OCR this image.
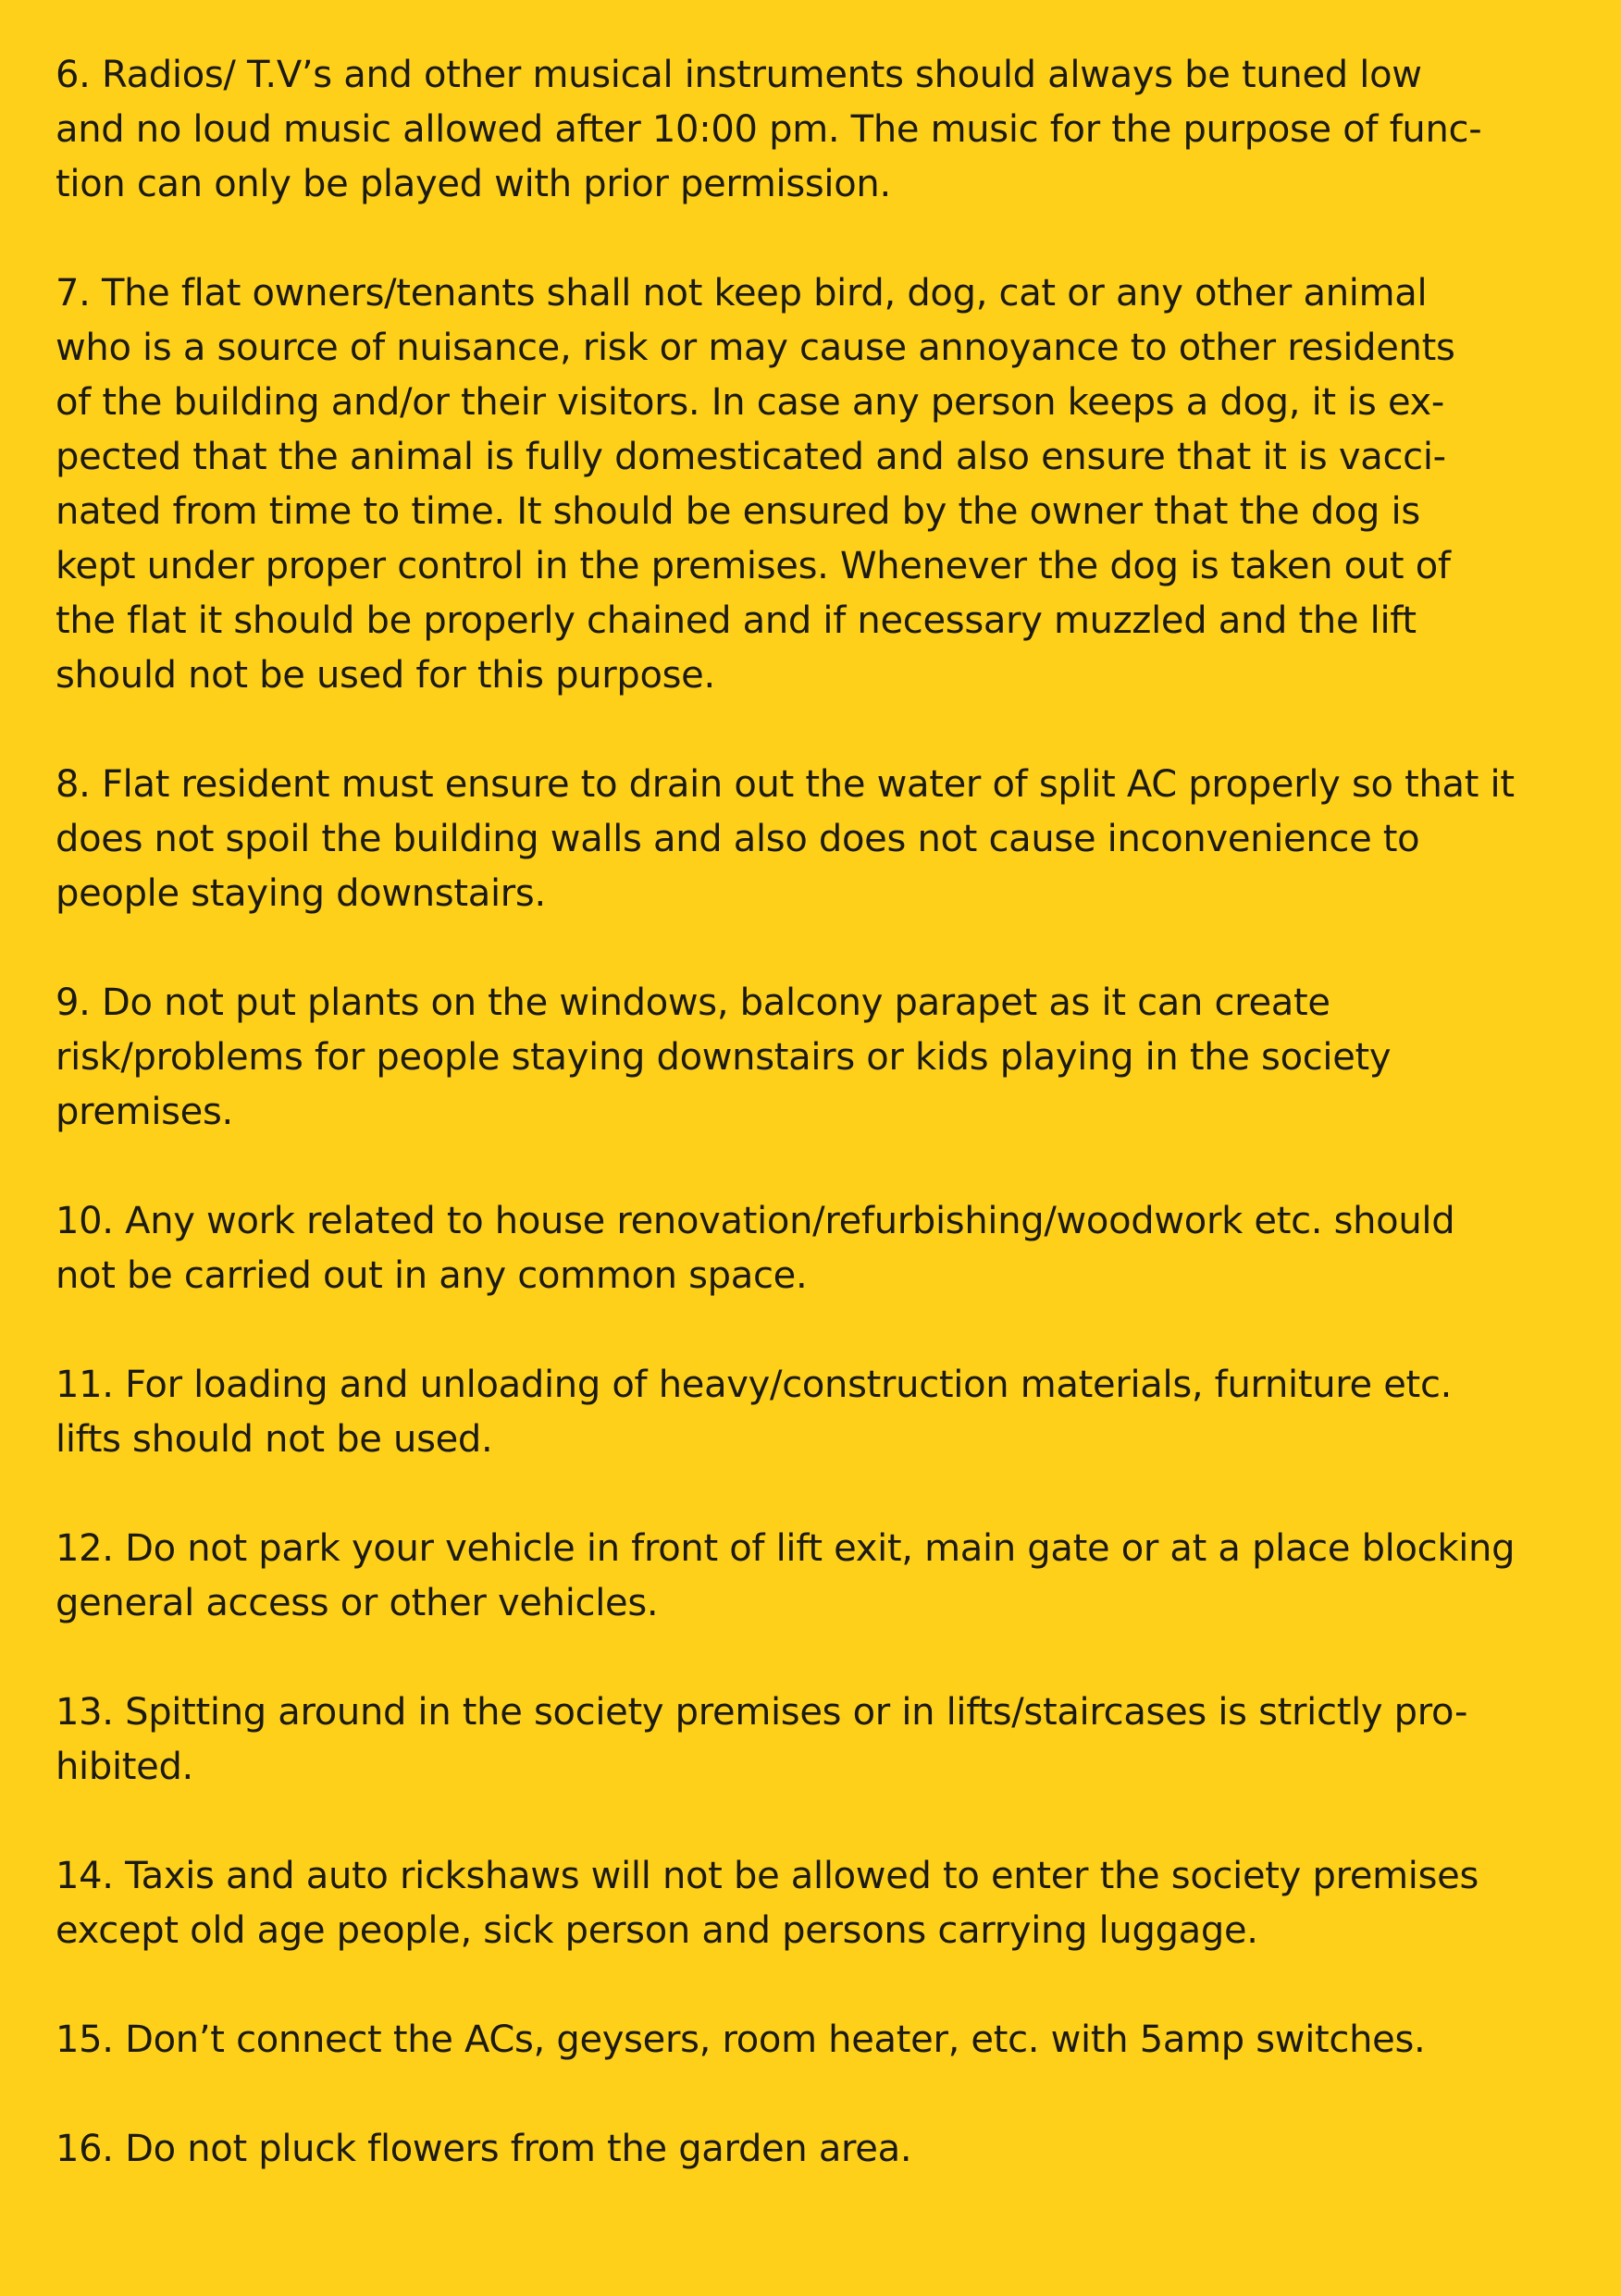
6. Radios/ T.V’s and other musical instruments should always be tuned low
and no loud music allowed after 10:00 pm. The music for the purpose of func-
tion can only be played with prior permission.
7. The flat owners/tenants shall not keep bird, dog, cat or any other animal
who is a source of nuisance, risk or may cause annoyance to other residents
of the building and/or their visitors. In case any person keeps a dog, it is ex-
pected that the animal is fully domesticated and also ensure that it is vacci-
nated from time to time. It should be ensured by the owner that the dog is
kept under proper control in the premises. Whenever the dog is taken out of
the flat it should be properly chained and if necessary muzzled and the lift
should not be used for this purpose.
8. Flat resident must ensure to drain out the water of split AC properly so that it
does not spoil the building walls and also does not cause inconvenience to
people staying downstairs.
9. Do not put plants on the windows, balcony parapet as it can create
risk/problems for people staying downstairs or kids playing in the society
premises.
10. Any work related to house renovation/refurbishing/woodwork etc. should
not be carried out in any common space.
11. For loading and unloading of heavy/construction materials, furniture etc.
lifts should not be used.
12. Do not park your vehicle in front of lift exit, main gate or at a place blocking
general access or other vehicles.
13. Spitting around in the society premises or in lifts/staircases is strictly pro-
hibited.
14. Taxis and auto rickshaws will not be allowed to enter the society premises
except old age people, sick person and persons carrying luggage.
15. Don’t connect the ACs, geysers, room heater, etc. with 5amp switches.
16. Do not pluck flowers from the garden area.
